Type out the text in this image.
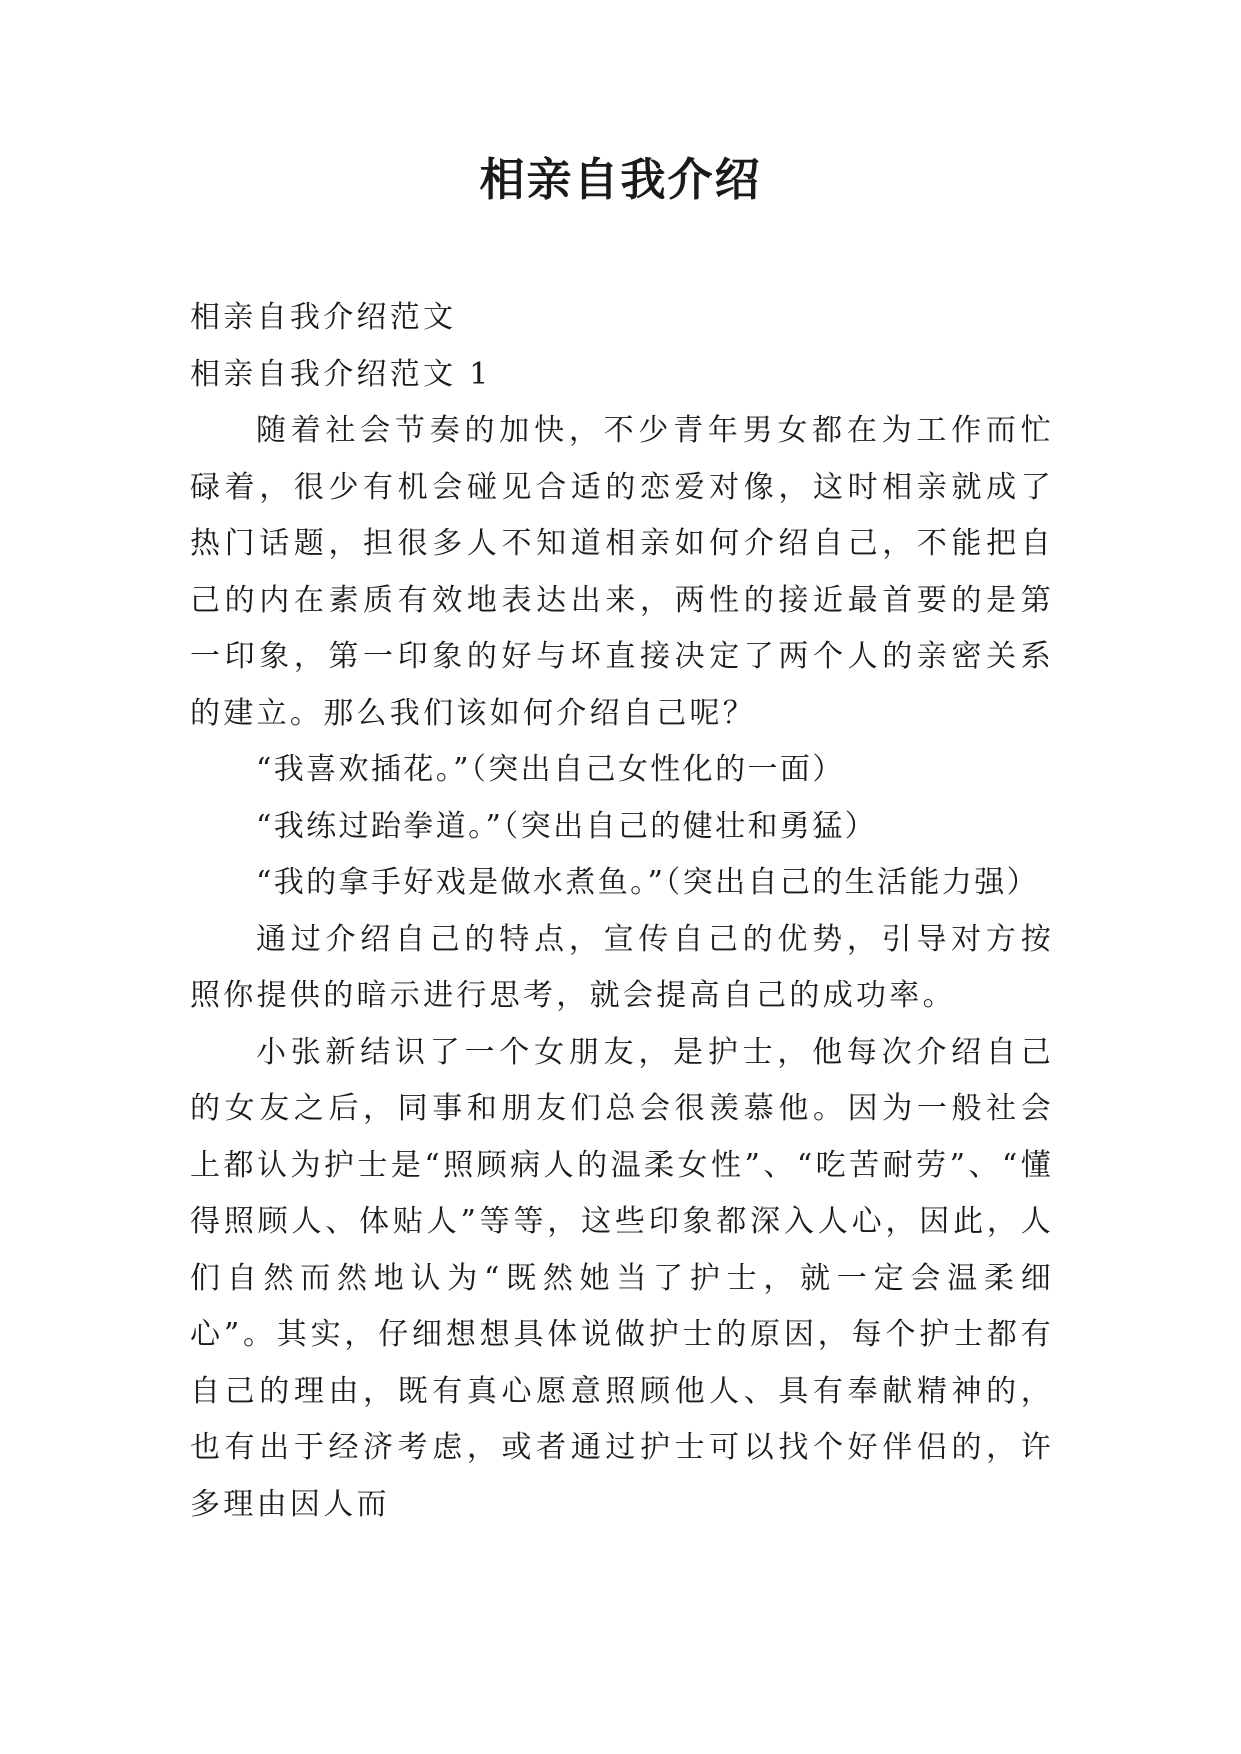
相亲自我介绍

相亲自我介绍范文

相亲自我介绍范文 1

随着社会节奏的加快，不少青年男女都在为工作而忙碌着，很少有机会碰见合适的恋爱对像，这时相亲就成了热门话题，担很多人不知道相亲如何介绍自己，不能把自己的内在素质有效地表达出来，两性的接近最首要的是第一印象，第一印象的好与坏直接决定了两个人的亲密关系的建立。那么我们该如何介绍自己呢？

“我喜欢插花。”（突出自己女性化的一面）

“我练过跆拳道。”（突出自己的健壮和勇猛）

“我的拿手好戏是做水煮鱼。”（突出自己的生活能力强）

通过介绍自己的特点，宣传自己的优势，引导对方按照你提供的暗示进行思考，就会提高自己的成功率。

小张新结识了一个女朋友，是护士，他每次介绍自己的女友之后，同事和朋友们总会很羡慕他。因为一般社会上都认为护士是“照顾病人的温柔女性”、“吃苦耐劳”、“懂得照顾人、体贴人”等等，这些印象都深入人心，因此，人们自然而然地认为“既然她当了护士，就一定会温柔细心”。其实，仔细想想具体说做护士的原因，每个护士都有自己的理由，既有真心愿意照顾他人、具有奉献精神的，也有出于经济考虑，或者通过护士可以找个好伴侣的，许多理由因人而
